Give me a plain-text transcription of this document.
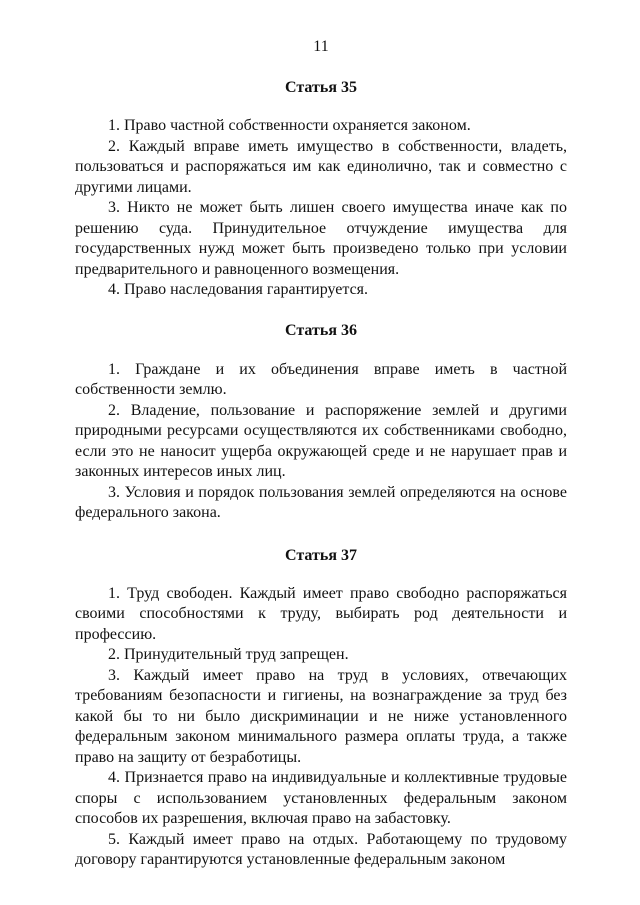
11
Статья 35

1. Право частной собственности охраняется законом.

2. Каждый вправе иметь имущество в собственности, владеть, пользоваться и распоряжаться им как единолично, так и совместно с другими лицами.

3. Никто не может быть лишен своего имущества иначе как по решению суда. Принудительное отчуждение имущества для государственных нужд может быть произведено только при условии предварительного и равноценного возмещения.

4. Право наследования гарантируется.

Статья 36

1. Граждане и их объединения вправе иметь в частной собственности землю.

2. Владение, пользование и распоряжение землей и другими природными ресурсами осуществляются их собственниками свободно, если это не наносит ущерба окружающей среде и не нарушает прав и законных интересов иных лиц.

3. Условия и порядок пользования землей определяются на основе федерального закона.

Статья 37

1. Труд свободен. Каждый имеет право свободно распоряжаться своими способностями к труду, выбирать род деятельности и профессию.

2. Принудительный труд запрещен.

3. Каждый имеет право на труд в условиях, отвечающих требованиям безопасности и гигиены, на вознаграждение за труд без какой бы то ни было дискриминации и не ниже установленного федеральным законом минимального размера оплаты труда, а также право на защиту от безработицы.

4. Признается право на индивидуальные и коллективные трудовые споры с использованием установленных федеральным законом способов их разрешения, включая право на забастовку.

5. Каждый имеет право на отдых. Работающему по трудовому договору гарантируются установленные федеральным законом
